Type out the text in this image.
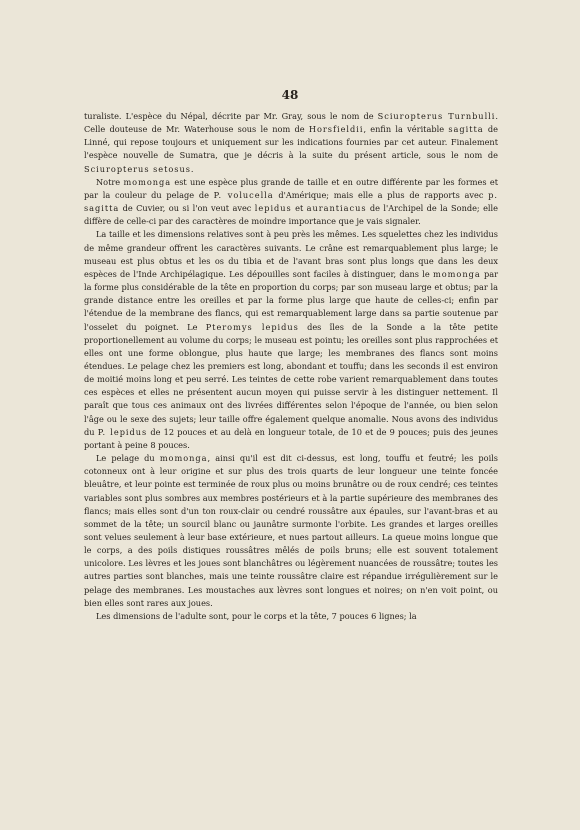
48

turaliste. L'espèce du Népal, décrite par Mr. Gray, sous le nom de Sciuropterus Turnbulli. Celle douteuse de Mr. Waterhouse sous le nom de Horsfieldii, enfin la véritable sagitta de Linné, qui repose toujours et uniquement sur les indications fournies par cet auteur. Finalement l'espèce nouvelle de Sumatra, que je décris à la suite du présent article, sous le nom de Sciuropterus setosus.

Notre momonga est une espèce plus grande de taille et en outre différente par les formes et par la couleur du pelage de P. volucella d'Amérique; mais elle a plus de rapports avec p. sagitta de Cuvier, ou si l'on veut avec lepidus et aurantiacus de l'Archipel de la Sonde; elle diffère de celle-ci par des caractères de moindre importance que je vais signaler.

La taille et les dimensions relatives sont à peu près les mêmes. Les squelettes chez les individus de même grandeur offrent les caractères suivants. Le crâne est remarquablement plus large; le museau est plus obtus et les os du tibia et de l'avant bras sont plus longs que dans les deux espèces de l'Inde Archipélagique. Les dépouilles sont faciles à distinguer, dans le momonga par la forme plus considérable de la tête en proportion du corps; par son museau large et obtus; par la grande distance entre les oreilles et par la forme plus large que haute de celles-ci; enfin par l'étendue de la membrane des flancs, qui est remarquablement large dans sa partie soutenue par l'osselet du poignet. Le Pteromys lepidus des îles de la Sonde a la tête petite proportionellement au volume du corps; le museau est pointu; les oreilles sont plus rapprochées et elles ont une forme oblongue, plus haute que large; les membranes des flancs sont moins étendues. Le pelage chez les premiers est long, abondant et touffu; dans les seconds il est environ de moitié moins long et peu serré. Les teintes de cette robe varient remarquablement dans toutes ces espèces et elles ne présentent aucun moyen qui puisse servir à les distinguer nettement. Il paraît que tous ces animaux ont des livrées différentes selon l'époque de l'année, ou bien selon l'âge ou le sexe des sujets; leur taille offre également quelque anomalie. Nous avons des individus du P. lepidus de 12 pouces et au delà en longueur totale, de 10 et de 9 pouces; puis des jeunes portant à peine 8 pouces.

Le pelage du momonga, ainsi qu'il est dit ci-dessus, est long, touffu et feutré; les poils cotonneux ont à leur origine et sur plus des trois quarts de leur longueur une teinte foncée bleuâtre, et leur pointe est terminée de roux plus ou moins brunâtre ou de roux cendré; ces teintes variables sont plus sombres aux membres postérieurs et à la partie supérieure des membranes des flancs; mais elles sont d'un ton roux-clair ou cendré roussâtre aux épaules, sur l'avant-bras et au sommet de la tête; un sourcil blanc ou jaunâtre surmonte l'orbite. Les grandes et larges oreilles sont velues seulement à leur base extérieure, et nues partout ailleurs. La queue moins longue que le corps, a des poils distiques roussâtres mêlés de poils bruns; elle est souvent totalement unicolore. Les lèvres et les joues sont blanchâtres ou légèrement nuancées de roussâtre; toutes les autres parties sont blanches, mais une teinte roussâtre claire est répandue irrégulièrement sur le pelage des membranes. Les moustaches aux lèvres sont longues et noires; on n'en voit point, ou bien elles sont rares aux joues.

Les dimensions de l'adulte sont, pour le corps et la tête, 7 pouces 6 lignes; la
